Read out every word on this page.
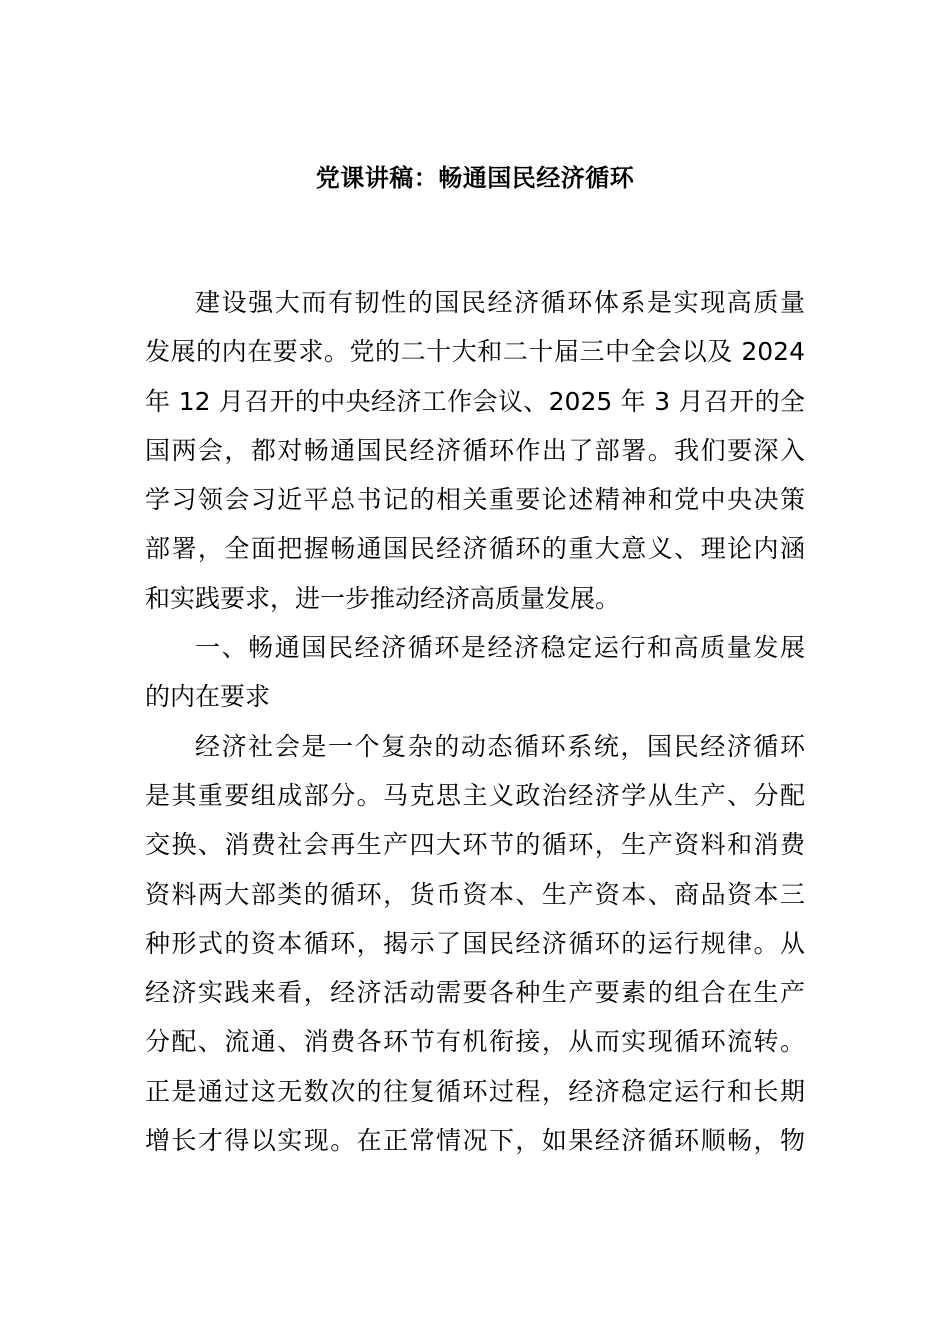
党课讲稿：畅通国民经济循环
建设强大而有韧性的国民经济循环体系是实现高质量
发展的内在要求。党的二十大和二十届三中全会以及 2024
年 12 月召开的中央经济工作会议、2025 年 3 月召开的全
国两会，都对畅通国民经济循环作出了部署。我们要深入
学习领会习近平总书记的相关重要论述精神和党中央决策
部署，全面把握畅通国民经济循环的重大意义、理论内涵
和实践要求，进一步推动经济高质量发展。
一、畅通国民经济循环是经济稳定运行和高质量发展
的内在要求
经济社会是一个复杂的动态循环系统，国民经济循环
是其重要组成部分。马克思主义政治经济学从生产、分配
交换、消费社会再生产四大环节的循环，生产资料和消费
资料两大部类的循环，货币资本、生产资本、商品资本三
种形式的资本循环，揭示了国民经济循环的运行规律。从
经济实践来看，经济活动需要各种生产要素的组合在生产
分配、流通、消费各环节有机衔接，从而实现循环流转。
正是通过这无数次的往复循环过程，经济稳定运行和长期
增长才得以实现。在正常情况下，如果经济循环顺畅，物
